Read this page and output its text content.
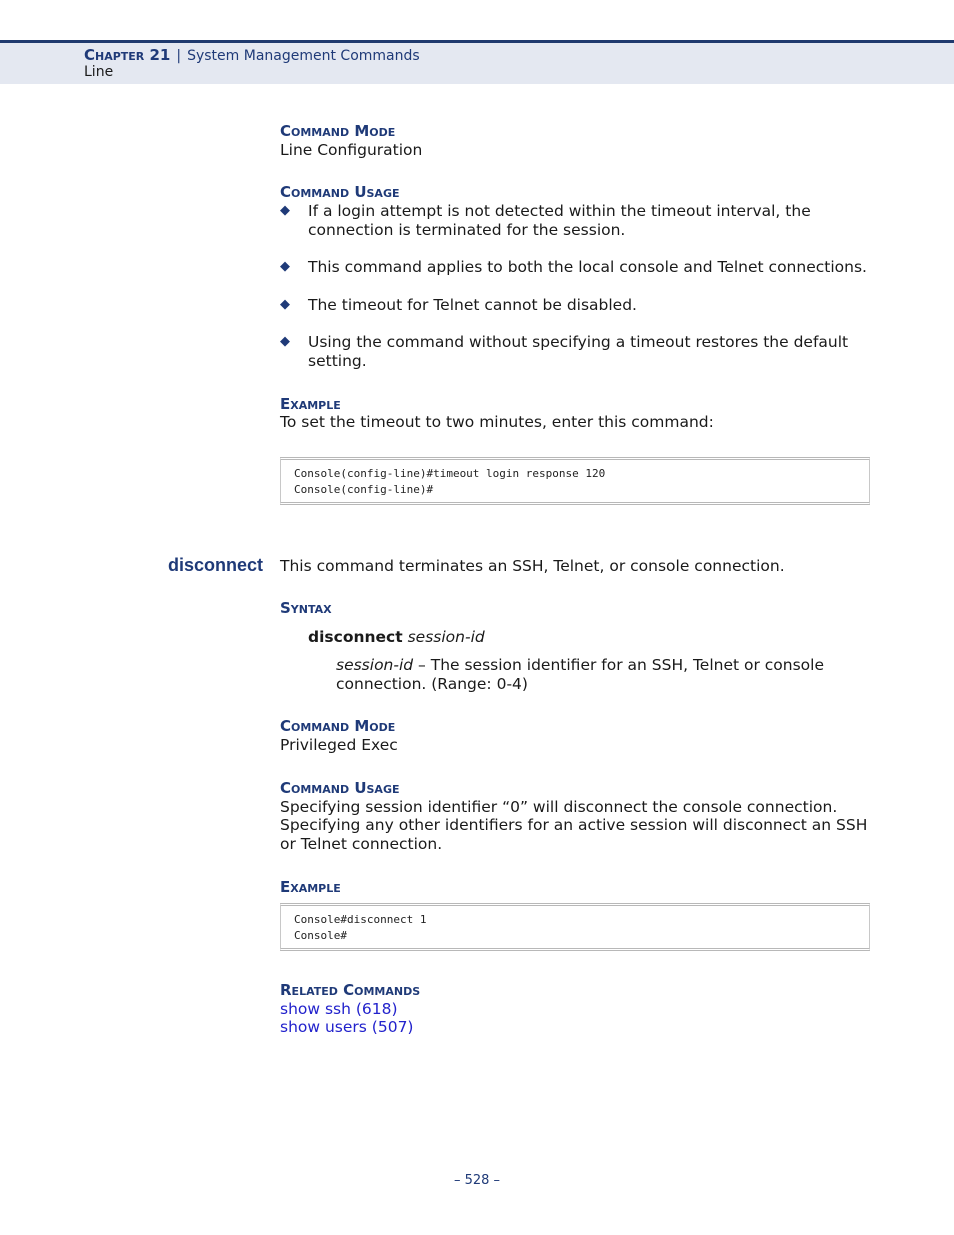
Chapter 21 | System Management Commands
Line
Command Mode
Line Configuration
Command Usage
◆ If a login attempt is not detected within the timeout interval, the connection is terminated for the session.
◆ This command applies to both the local console and Telnet connections.
◆ The timeout for Telnet cannot be disabled.
◆ Using the command without specifying a timeout restores the default setting.
Example
To set the timeout to two minutes, enter this command:
Console(config-line)#timeout login response 120
Console(config-line)#
This command terminates an SSH, Telnet, or console connection.
Syntax
disconnect session-id
session-id – The session identifier for an SSH, Telnet or console connection. (Range: 0-4)
Command Mode
Privileged Exec
Command Usage
Specifying session identifier “0” will disconnect the console connection.
Specifying any other identifiers for an active session will disconnect an SSH
or Telnet connection.
Example
Console#disconnect 1
Console#
Related Commands
show ssh (618)
show users (507)
disconnect
– 528 –
